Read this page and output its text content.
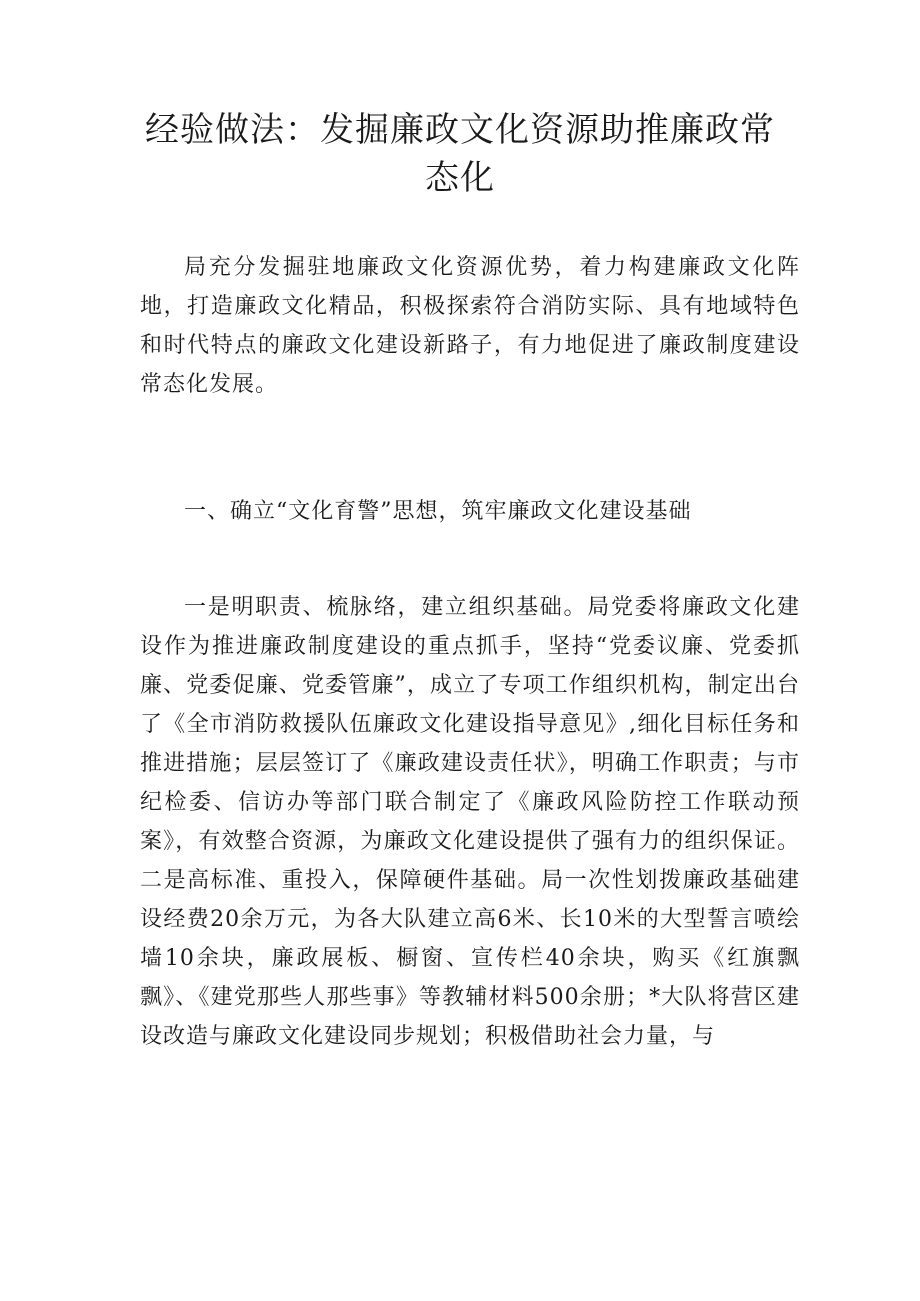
经验做法：发掘廉政文化资源助推廉政常态化

局充分发掘驻地廉政文化资源优势，着力构建廉政文化阵地，打造廉政文化精品，积极探索符合消防实际、具有地域特色和时代特点的廉政文化建设新路子，有力地促进了廉政制度建设常态化发展。

一、确立“文化育警”思想，筑牢廉政文化建设基础

一是明职责、梳脉络，建立组织基础。局党委将廉政文化建设作为推进廉政制度建设的重点抓手，坚持“党委议廉、党委抓廉、党委促廉、党委管廉”，成立了专项工作组织机构，制定出台了《全市消防救援队伍廉政文化建设指导意见》,细化目标任务和推进措施；层层签订了《廉政建设责任状》，明确工作职责；与市纪检委、信访办等部门联合制定了《廉政风险防控工作联动预案》，有效整合资源，为廉政文化建设提供了强有力的组织保证。二是高标准、重投入，保障硬件基础。局一次性划拨廉政基础建设经费20余万元，为各大队建立高6米、长10米的大型誓言喷绘墙10余块，廉政展板、橱窗、宣传栏40余块，购买《红旗飘飘》、《建党那些人那些事》等教辅材料500余册；*大队将营区建设改造与廉政文化建设同步规划；积极借助社会力量，与
